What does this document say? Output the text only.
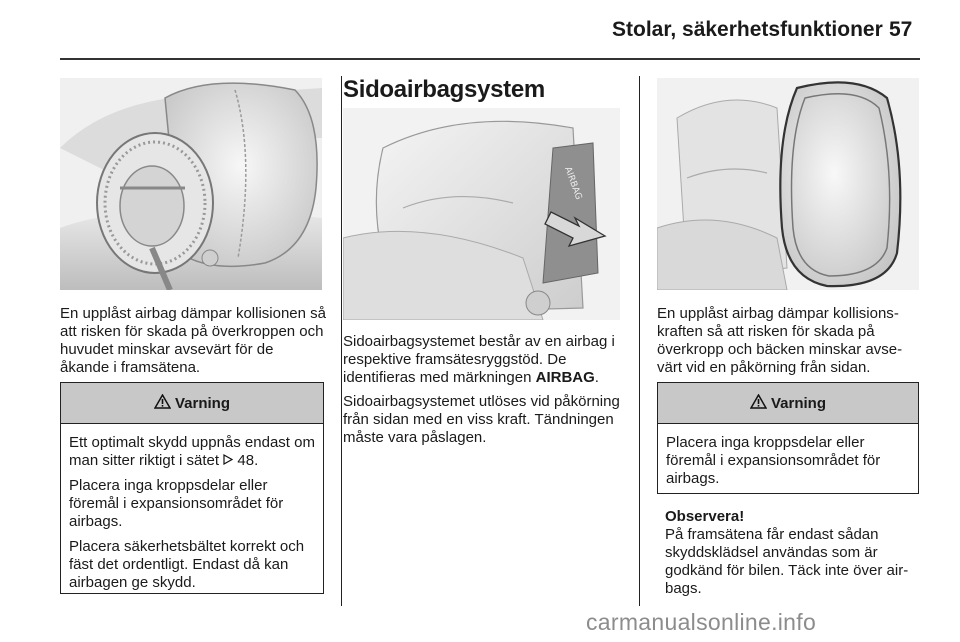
Stolar, säkerhetsfunktioner 57

En upplåst airbag dämpar kollisionen så att risken för skada på överkroppen och huvudet minskar avsevärt för de åkande i framsätena.

Varning

Ett optimalt skydd uppnås endast om man sitter riktigt i sätet  48.

Placera inga kroppsdelar eller föremål i expansionsområdet för airbags.

Placera säkerhetsbältet korrekt och fäst det ordentligt. Endast då kan airbagen ge skydd.

Sidoairbagsystem
AIRBAG

Sidoairbagsystemet består av en airbag i respektive framsätesryggstöd. De identifieras med märkningen AIRBAG.

Sidoairbagsystemet utlöses vid påkörning från sidan med en viss kraft. Tändningen måste vara påslagen.

En upplåst airbag dämpar kollisionskraften så att risken för skada på överkropp och bäcken minskar avsevärt vid en påkörning från sidan.

Varning

Placera inga kroppsdelar eller föremål i expansionsområdet för airbags.

Observera!

På framsätena får endast sådan skyddsklädsel användas som är godkänd för bilen. Täck inte över airbags.

carmanualsonline.info
